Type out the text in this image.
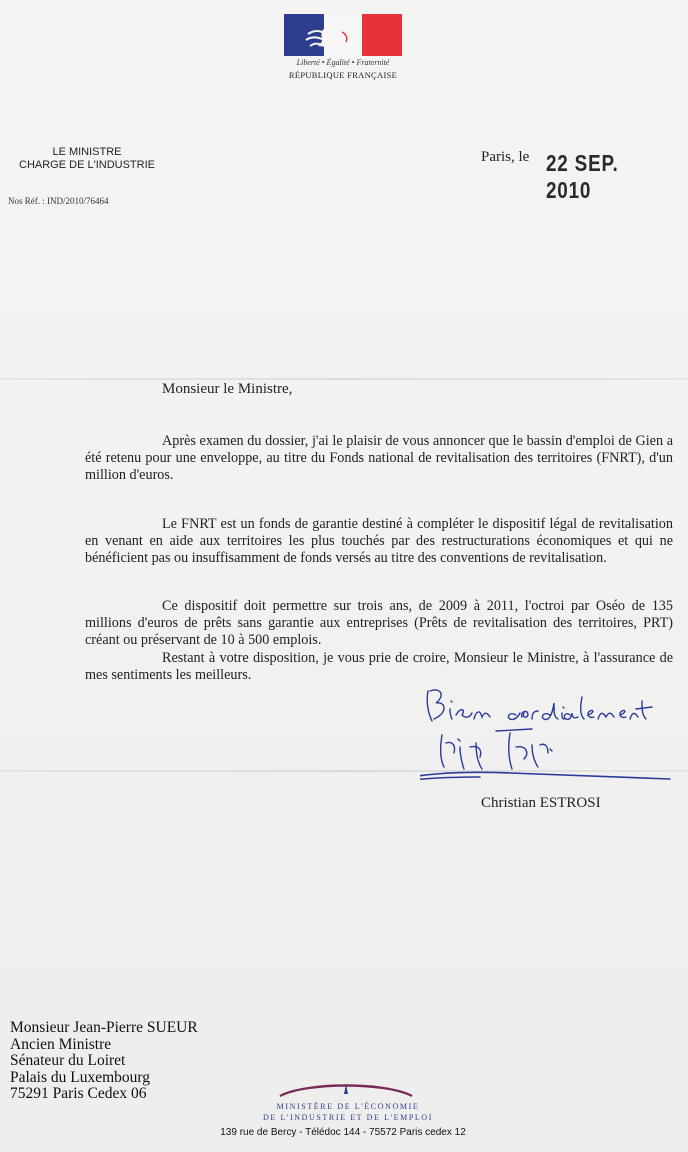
Liberté • Égalité • Fraternité
RÉPUBLIQUE FRANÇAISE
LE MINISTRE
CHARGE DE L'INDUSTRIE
Nos Réf. : IND/2010/76464
Paris, le 22 SEP. 2010
Monsieur le Ministre,
Après examen du dossier, j'ai le plaisir de vous annoncer que le bassin d'emploi de Gien a été retenu pour une enveloppe, au titre du Fonds national de revitalisation des territoires (FNRT), d'un million d'euros.
Le FNRT est un fonds de garantie destiné à compléter le dispositif légal de revitalisation en venant en aide aux territoires les plus touchés par des restructurations économiques et qui ne bénéficient pas ou insuffisamment de fonds versés au titre des conventions de revitalisation.
Ce dispositif doit permettre sur trois ans, de 2009 à 2011, l'octroi par Oséo de 135 millions d'euros de prêts sans garantie aux entreprises (Prêts de revitalisation des territoires, PRT) créant ou préservant de 10 à 500 emplois.
Restant à votre disposition, je vous prie de croire, Monsieur le Ministre, à l'assurance de mes sentiments les meilleurs.
Christian ESTROSI
Monsieur Jean-Pierre SUEUR
Ancien Ministre
Sénateur du Loiret
Palais du Luxembourg
75291 Paris Cedex 06
MINISTÈRE DE L'ÉCONOMIE
DE L'INDUSTRIE ET DE L'EMPLOI
139 rue de Bercy - Télédoc 144 - 75572 Paris cedex 12
